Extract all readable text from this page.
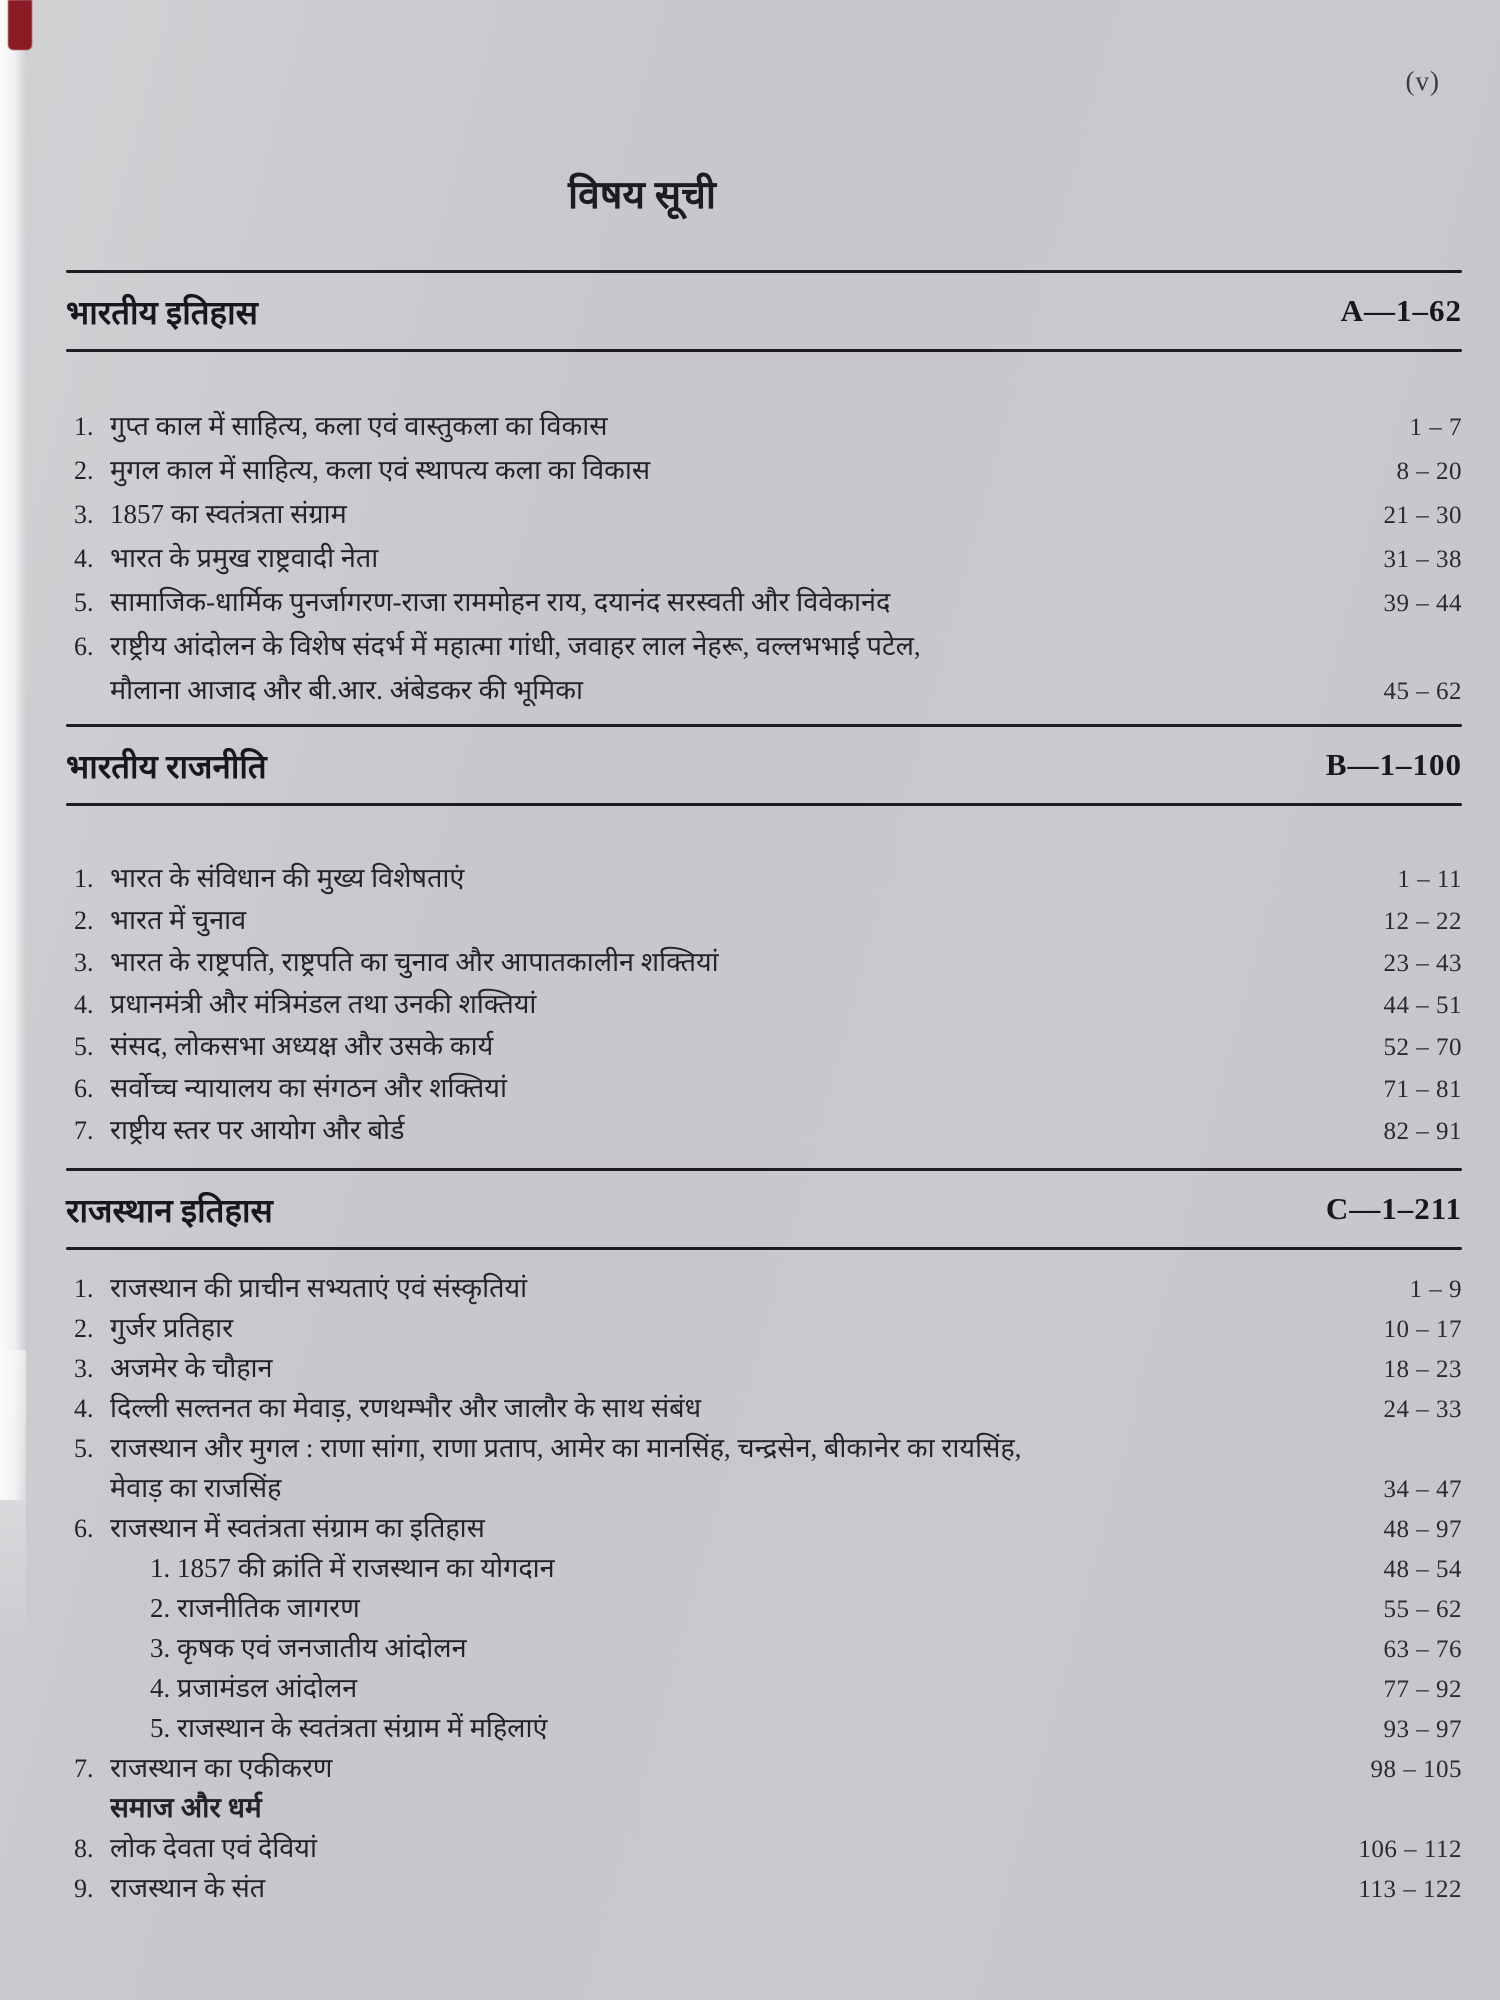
(v)
विषय सूची
भारतीय इतिहास	A—1–62
1. गुप्त काल में साहित्य, कला एवं वास्तुकला का विकास	1 – 7
2. मुगल काल में साहित्य, कला एवं स्थापत्य कला का विकास	8 – 20
3. 1857 का स्वतंत्रता संग्राम	21 – 30
4. भारत के प्रमुख राष्ट्रवादी नेता	31 – 38
5. सामाजिक-धार्मिक पुनर्जागरण-राजा राममोहन राय, दयानंद सरस्वती और विवेकानंद	39 – 44
6. राष्ट्रीय आंदोलन के विशेष संदर्भ में महात्मा गांधी, जवाहर लाल नेहरू, वल्लभभाई पटेल,
मौलाना आजाद और बी.आर. अंबेडकर की भूमिका	45 – 62
भारतीय राजनीति	B—1–100
1. भारत के संविधान की मुख्य विशेषताएं	1 – 11
2. भारत में चुनाव	12 – 22
3. भारत के राष्ट्रपति, राष्ट्रपति का चुनाव और आपातकालीन शक्तियां	23 – 43
4. प्रधानमंत्री और मंत्रिमंडल तथा उनकी शक्तियां	44 – 51
5. संसद, लोकसभा अध्यक्ष और उसके कार्य	52 – 70
6. सर्वोच्च न्यायालय का संगठन और शक्तियां	71 – 81
7. राष्ट्रीय स्तर पर आयोग और बोर्ड	82 – 91
राजस्थान इतिहास	C—1–211
1. राजस्थान की प्राचीन सभ्यताएं एवं संस्कृतियां	1 – 9
2. गुर्जर प्रतिहार	10 – 17
3. अजमेर के चौहान	18 – 23
4. दिल्ली सल्तनत का मेवाड़, रणथम्भौर और जालौर के साथ संबंध	24 – 33
5. राजस्थान और मुगल : राणा सांगा, राणा प्रताप, आमेर का मानसिंह, चन्द्रसेन, बीकानेर का रायसिंह,
मेवाड़ का राजसिंह	34 – 47
6. राजस्थान में स्वतंत्रता संग्राम का इतिहास	48 – 97
1. 1857 की क्रांति में राजस्थान का योगदान	48 – 54
2. राजनीतिक जागरण	55 – 62
3. कृषक एवं जनजातीय आंदोलन	63 – 76
4. प्रजामंडल आंदोलन	77 – 92
5. राजस्थान के स्वतंत्रता संग्राम में महिलाएं	93 – 97
7. राजस्थान का एकीकरण	98 – 105
समाज और धर्म
8. लोक देवता एवं देवियां	106 – 112
9. राजस्थान के संत	113 – 122
